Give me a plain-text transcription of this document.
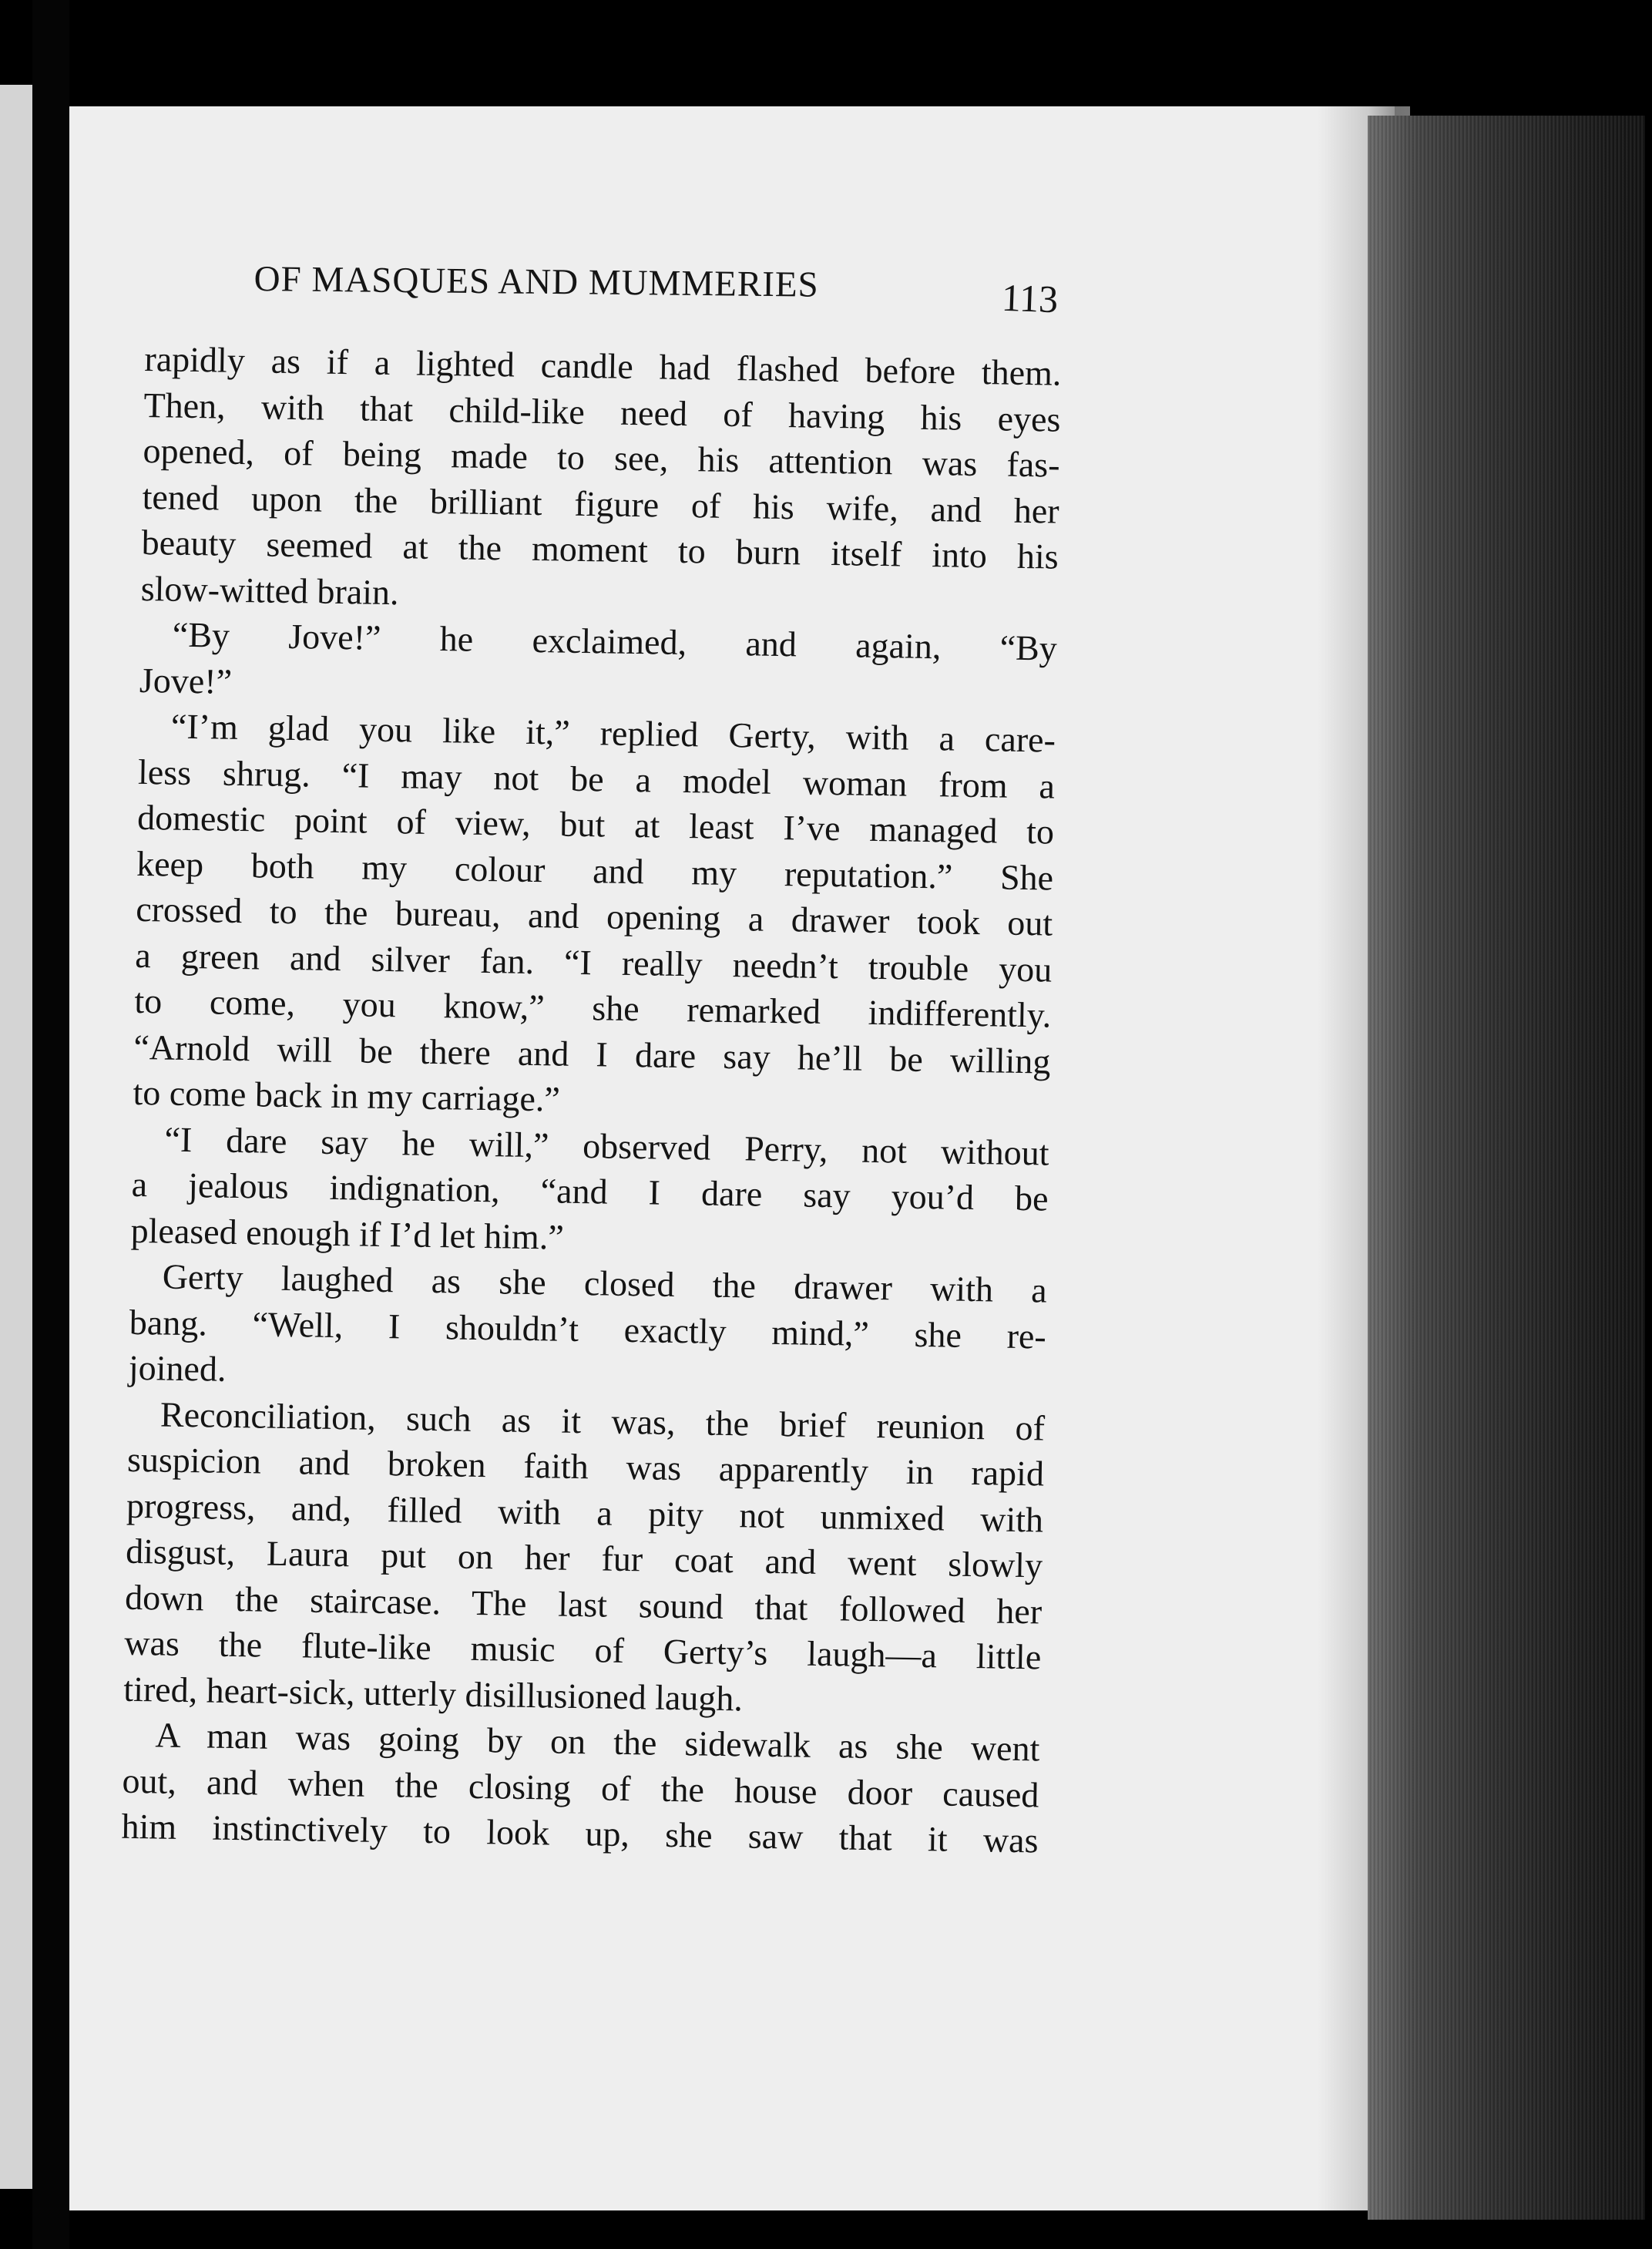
OF MASQUES AND MUMMERIES	113
rapidly as if a lighted candle had flashed before them.
Then, with that child-like need of having his eyes
opened, of being made to see, his attention was fas-
tened upon the brilliant figure of his wife, and her
beauty seemed at the moment to burn itself into his
slow-witted brain.
“By Jove!” he exclaimed, and again, “By
Jove!”
“I’m glad you like it,” replied Gerty, with a care-
less shrug. “I may not be a model woman from a
domestic point of view, but at least I’ve managed to
keep both my colour and my reputation.” She
crossed to the bureau, and opening a drawer took out
a green and silver fan. “I really needn’t trouble you
to come, you know,” she remarked indifferently.
“Arnold will be there and I dare say he’ll be willing
to come back in my carriage.”
“I dare say he will,” observed Perry, not without
a jealous indignation, “and I dare say you’d be
pleased enough if I’d let him.”
Gerty laughed as she closed the drawer with a
bang. “Well, I shouldn’t exactly mind,” she re-
joined.
Reconciliation, such as it was, the brief reunion of
suspicion and broken faith was apparently in rapid
progress, and, filled with a pity not unmixed with
disgust, Laura put on her fur coat and went slowly
down the staircase. The last sound that followed her
was the flute-like music of Gerty’s laugh—a little
tired, heart-sick, utterly disillusioned laugh.
A man was going by on the sidewalk as she went
out, and when the closing of the house door caused
him instinctively to look up, she saw that it was
